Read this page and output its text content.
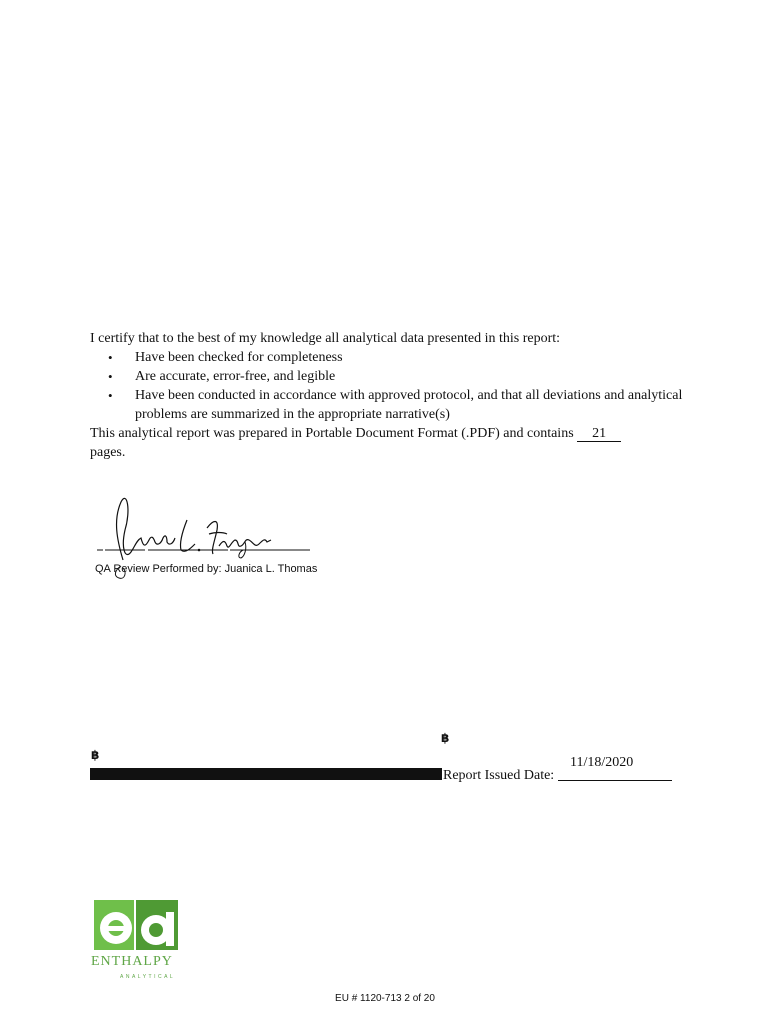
I certify that to the best of my knowledge all analytical data presented in this report:
• Have been checked for completeness
• Are accurate, error-free, and legible
• Have been conducted in accordance with approved protocol, and that all deviations and analytical problems are summarized in the appropriate narrative(s)
This analytical report was prepared in Portable Document Format (.PDF) and contains 21
pages.
QA Review Performed by: Juanica L. Thomas
฿
฿	11/18/2020
Report Issued Date:
ENTHALPY
ANALYTICAL
EU # 1120-713 2 of 20
